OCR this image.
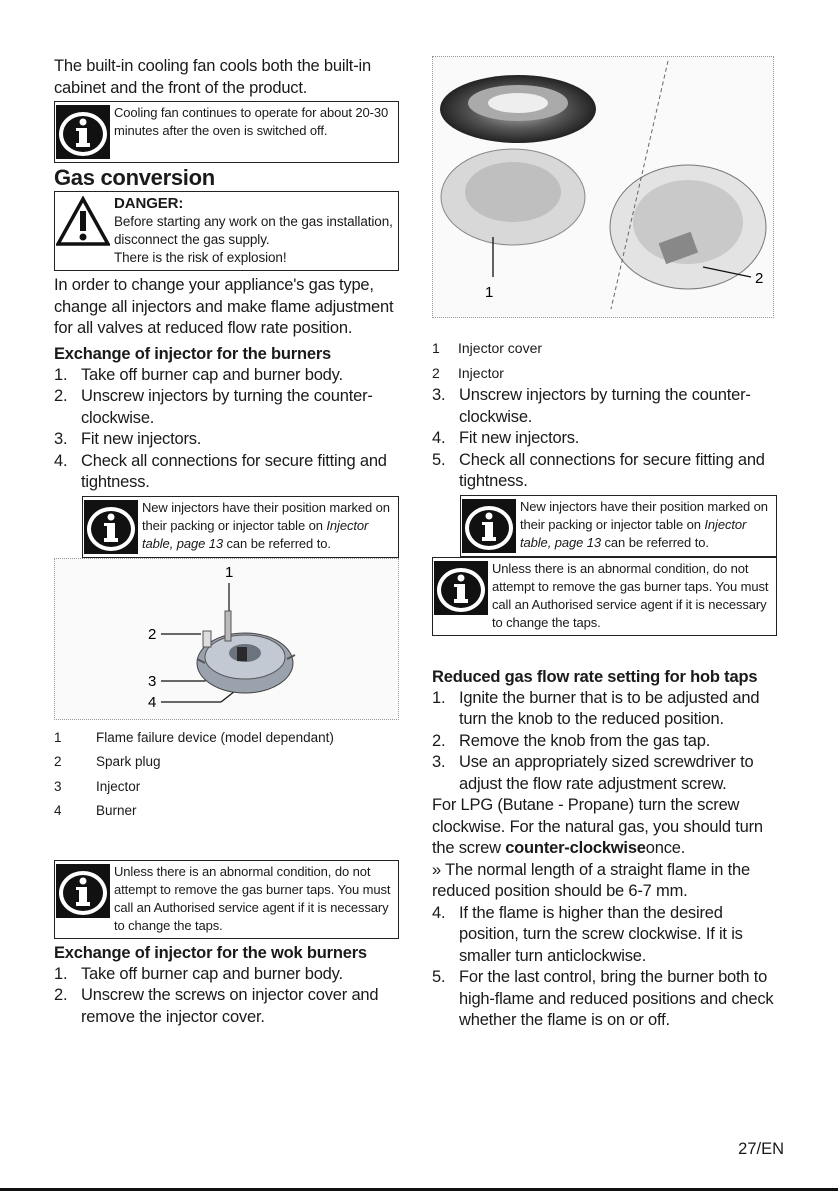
The built-in cooling fan cools both the built-in cabinet and the front of the product.

Cooling fan continues to operate for about 20-30 minutes after the oven is switched off.
Gas conversion
DANGER:
Before starting any work on the gas installation, disconnect the gas supply.
There is the risk of explosion!

In order to change your appliance's gas type, change all injectors and make flame adjustment for all valves at reduced flow rate position.

Exchange of injector for the burners
1. Take off burner cap and burner body.
2. Unscrew injectors by turning the counter-clockwise.
3. Fit new injectors.
4. Check all connections for secure fitting and tightness.
New injectors have their position marked on their packing or injector table on Injector table, page 13 can be referred to.
1
2
3
4
1	Flame failure device (model dependant)
2	Spark plug
3	Injector
4	Burner
Unless there is an abnormal condition, do not attempt to remove the gas burner taps. You must call an Authorised service agent if it is necessary to change the taps.
Exchange of injector for the wok burners
1. Take off burner cap and burner body.
2. Unscrew the screws on injector cover and remove the injector cover.
1
2
1	Injector cover
2	Injector
3. Unscrew injectors by turning the counter-clockwise.
4. Fit new injectors.
5. Check all connections for secure fitting and tightness.
New injectors have their position marked on their packing or injector table on Injector table, page 13 can be referred to.
Unless there is an abnormal condition, do not attempt to remove the gas burner taps. You must call an Authorised service agent if it is necessary to change the taps.
Reduced gas flow rate setting for hob taps
1. Ignite the burner that is to be adjusted and turn the knob to the reduced position.
2. Remove the knob from the gas tap.
3. Use an appropriately sized screwdriver to adjust the flow rate adjustment screw.

For LPG (Butane - Propane) turn the screw clockwise. For the natural gas, you should turn the screw counter-clockwiseonce.

» The normal length of a straight flame in the reduced position should be 6-7 mm.

4. If the flame is higher than the desired position, turn the screw clockwise. If it is smaller turn anticlockwise.
5. For the last control, bring the burner both to high-flame and reduced positions and check whether the flame is on or off.
27/EN
